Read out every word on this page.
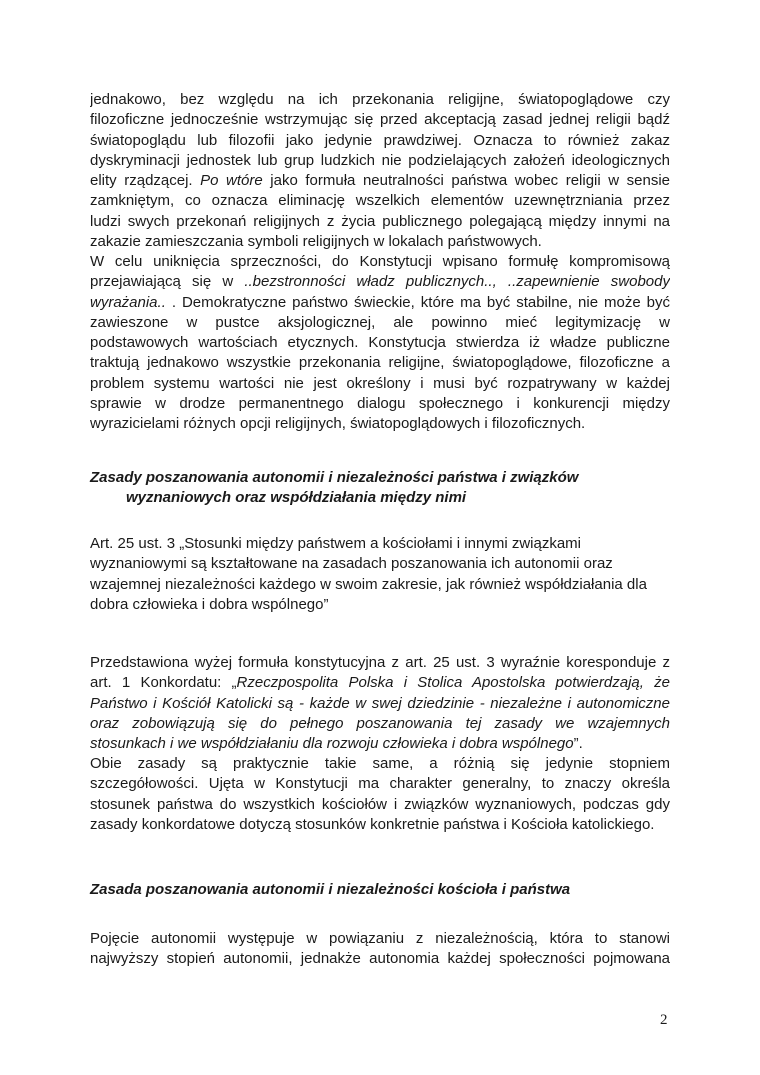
jednakowo, bez względu na ich przekonania religijne, światopoglądowe czy
filozoficzne jednocześnie wstrzymując się przed akceptacją zasad jednej religii bądź
światopoglądu lub filozofii jako jedynie prawdziwej. Oznacza to również zakaz
dyskryminacji jednostek lub grup ludzkich nie podzielających założeń ideologicznych
elity rządzącej. Po wtóre jako formuła neutralności państwa wobec religii w sensie
zamkniętym, co oznacza eliminację wszelkich elementów uzewnętrzniania przez
ludzi swych przekonań religijnych z życia publicznego polegającą między innymi na
zakazie zamieszczania symboli religijnych w lokalach państwowych.
W celu uniknięcia sprzeczności, do Konstytucji wpisano formułę kompromisową
przejawiającą się w ..bezstronności władz publicznych.., ..zapewnienie swobody
wyrażania.. . Demokratyczne państwo świeckie, które ma być stabilne, nie może być
zawieszone w pustce aksjologicznej, ale powinno mieć legitymizację w
podstawowych wartościach etycznych. Konstytucja stwierdza iż władze publiczne
traktują jednakowo wszystkie przekonania religijne, światopoglądowe, filozoficzne a
problem systemu wartości nie jest określony i musi być rozpatrywany w każdej
sprawie w drodze permanentnego dialogu społecznego i konkurencji między
wyrazicielami różnych opcji religijnych, światopoglądowych i filozoficznych.
Zasady poszanowania autonomii i niezależności państwa i związków
wyznaniowych oraz współdziałania między nimi
Art. 25 ust. 3 „Stosunki między państwem a kościołami i innymi związkami
wyznaniowymi są kształtowane na zasadach poszanowania ich autonomii oraz
wzajemnej niezależności każdego w swoim zakresie, jak również współdziałania dla
dobra człowieka i dobra wspólnego”
Przedstawiona wyżej formuła konstytucyjna z art. 25 ust. 3 wyraźnie koresponduje z
art. 1 Konkordatu: „Rzeczpospolita Polska i Stolica Apostolska potwierdzają, że
Państwo i Kościół Katolicki są - każde w swej dziedzinie - niezależne i autonomiczne
oraz zobowiązują się do pełnego poszanowania tej zasady we wzajemnych
stosunkach i we współdziałaniu dla rozwoju człowieka i dobra wspólnego”.
Obie zasady są praktycznie takie same, a różnią się jedynie stopniem
szczegółowości. Ujęta w Konstytucji ma charakter generalny, to znaczy określa
stosunek państwa do wszystkich kościołów i związków wyznaniowych, podczas gdy
zasady konkordatowe dotyczą stosunków konkretnie państwa i Kościoła katolickiego.
Zasada poszanowania autonomii i niezależności kościoła i państwa
Pojęcie autonomii występuje w powiązaniu z niezależnością, która to stanowi
najwyższy stopień autonomii, jednakże autonomia każdej społeczności pojmowana
2
